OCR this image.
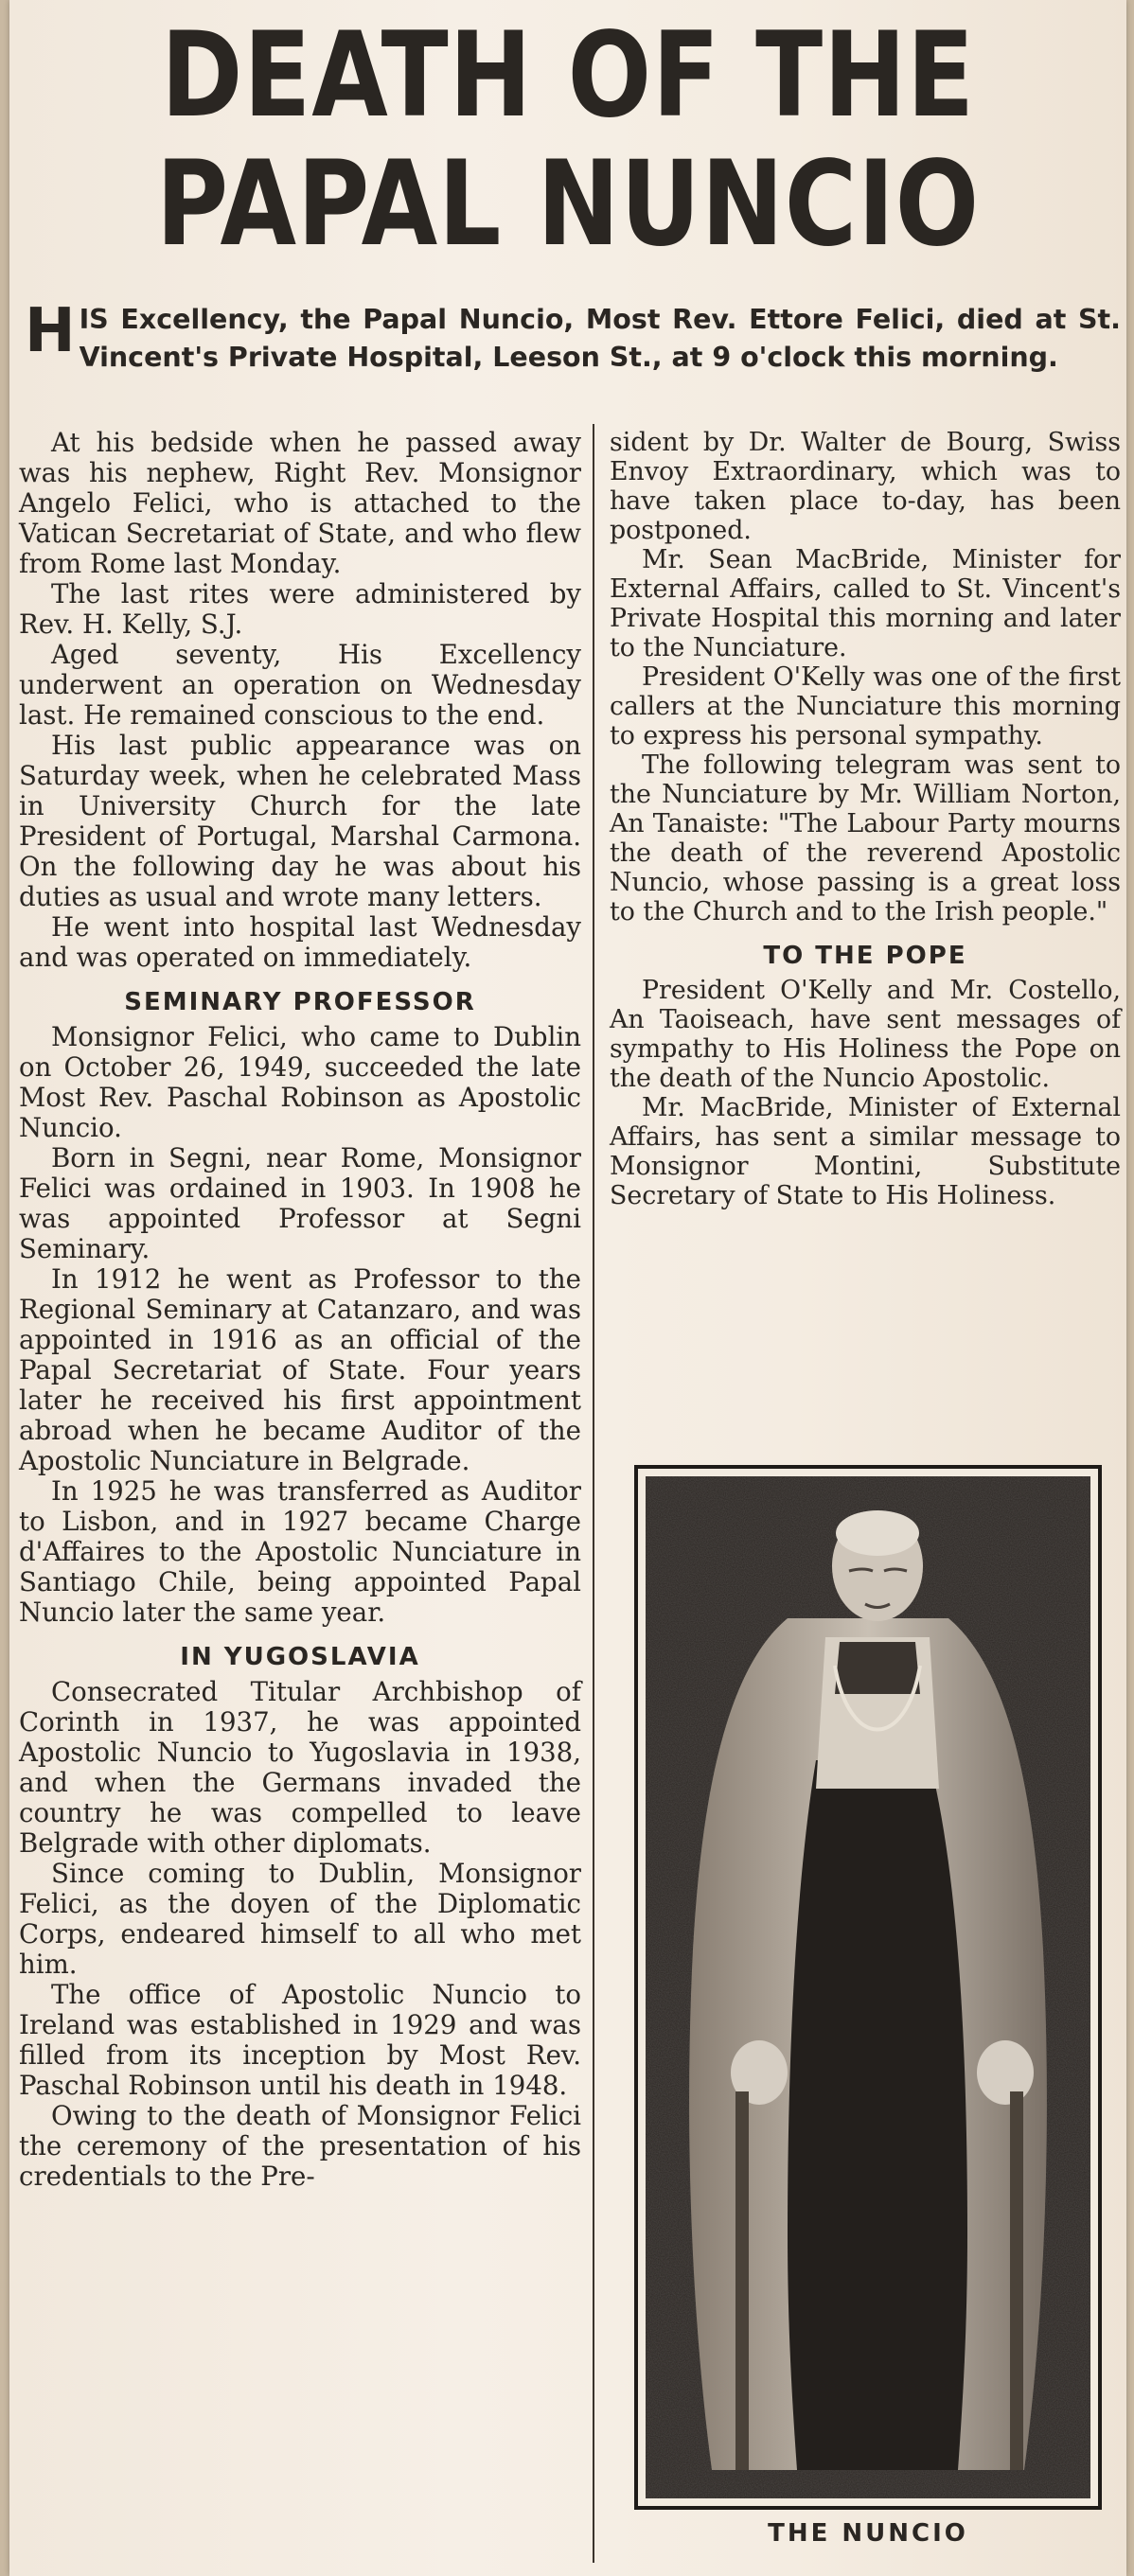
DEATH OF THE
PAPAL NUNCIO

HIS Excellency, the Papal Nuncio, Most Rev. Ettore Felici, died at St. Vincent's Private Hospital, Leeson St., at 9 o'clock this morning.

At his bedside when he passed away was his nephew, Right Rev. Monsignor Angelo Felici, who is attached to the Vatican Secretariat of State, and who flew from Rome last Monday.

The last rites were administered by Rev. H. Kelly, S.J.

Aged seventy, His Excellency underwent an operation on Wednesday last. He remained conscious to the end.

His last public appearance was on Saturday week, when he celebrated Mass in University Church for the late President of Portugal, Marshal Carmona. On the following day he was about his duties as usual and wrote many letters.

He went into hospital last Wednesday and was operated on immediately.

SEMINARY PROFESSOR

Monsignor Felici, who came to Dublin on October 26, 1949, succeeded the late Most Rev. Paschal Robinson as Apostolic Nuncio.

Born in Segni, near Rome, Monsignor Felici was ordained in 1903. In 1908 he was appointed Professor at Segni Seminary.

In 1912 he went as Professor to the Regional Seminary at Catanzaro, and was appointed in 1916 as an official of the Papal Secretariat of State. Four years later he received his first appointment abroad when he became Auditor of the Apostolic Nunciature in Belgrade.

In 1925 he was transferred as Auditor to Lisbon, and in 1927 became Charge d'Affaires to the Apostolic Nunciature in Santiago Chile, being appointed Papal Nuncio later the same year.

IN YUGOSLAVIA

Consecrated Titular Archbishop of Corinth in 1937, he was appointed Apostolic Nuncio to Yugoslavia in 1938, and when the Germans invaded the country he was compelled to leave Belgrade with other diplomats.

Since coming to Dublin, Monsignor Felici, as the doyen of the Diplomatic Corps, endeared himself to all who met him.

The office of Apostolic Nuncio to Ireland was established in 1929 and was filled from its inception by Most Rev. Paschal Robinson until his death in 1948.

Owing to the death of Monsignor Felici the ceremony of the presentation of his credentials to the Pre-

sident by Dr. Walter de Bourg, Swiss Envoy Extraordinary, which was to have taken place to-day, has been postponed.

Mr. Sean MacBride, Minister for External Affairs, called to St. Vincent's Private Hospital this morning and later to the Nunciature.

President O'Kelly was one of the first callers at the Nunciature this morning to express his personal sympathy.

The following telegram was sent to the Nunciature by Mr. William Norton, An Tanaiste: "The Labour Party mourns the death of the reverend Apostolic Nuncio, whose passing is a great loss to the Church and to the Irish people."

TO THE POPE

President O'Kelly and Mr. Costello, An Taoiseach, have sent messages of sympathy to His Holiness the Pope on the death of the Nuncio Apostolic.

Mr. MacBride, Minister of External Affairs, has sent a similar message to Monsignor Montini, Substitute Secretary of State to His Holiness.

THE NUNCIO
